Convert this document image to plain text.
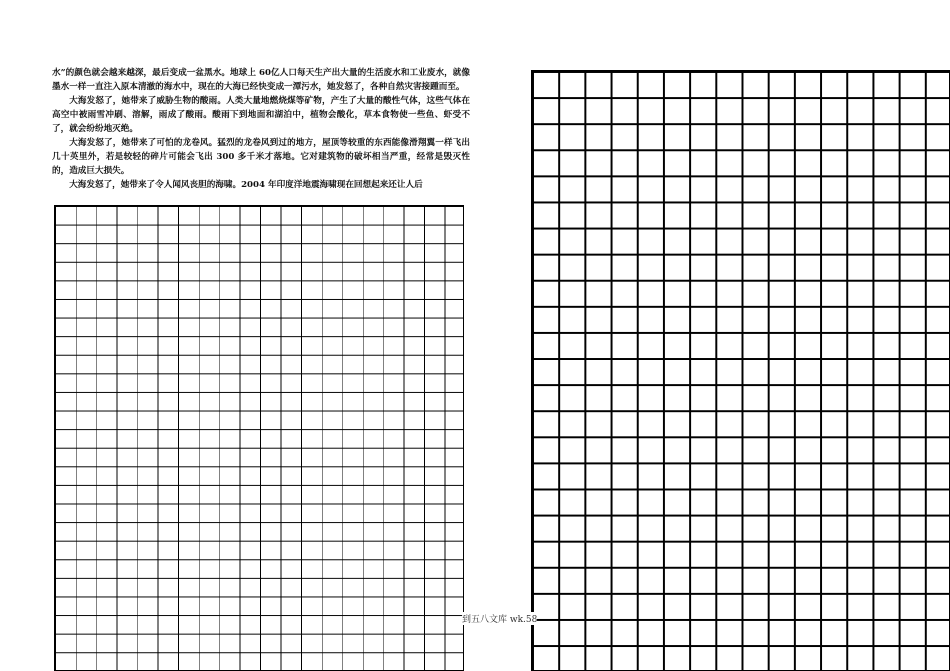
水”的颜色就会越来越深，最后变成一盆黑水。地球上 60亿人口每天生产出大量的生活废水和工业废水，就像墨水一样一直注入原本清澈的海水中，现在的大海已经快变成一潭污水，她发怒了，各种自然灾害接踵而至。

大海发怒了，她带来了威胁生物的酸雨。人类大量地燃烧煤等矿物，产生了大量的酸性气体，这些气体在高空中被雨雪冲刷、溶解，雨成了酸雨。酸雨下到地面和湖泊中，植物会酸化，草本食物使一些鱼、虾受不了，就会纷纷地灭绝。

大海发怒了，她带来了可怕的龙卷风。猛烈的龙卷风到过的地方，屋顶等较重的东西能像滑翔翼一样飞出几十英里外，若是较轻的碎片可能会飞出 300 多千米才落地。它对建筑物的破坏相当严重，经常是毁灭性的，造成巨大损失。

大海发怒了，她带来了令人闻风丧胆的海啸。2004 年印度洋地震海啸现在回想起来还让人后

到五八文库 wk.58
